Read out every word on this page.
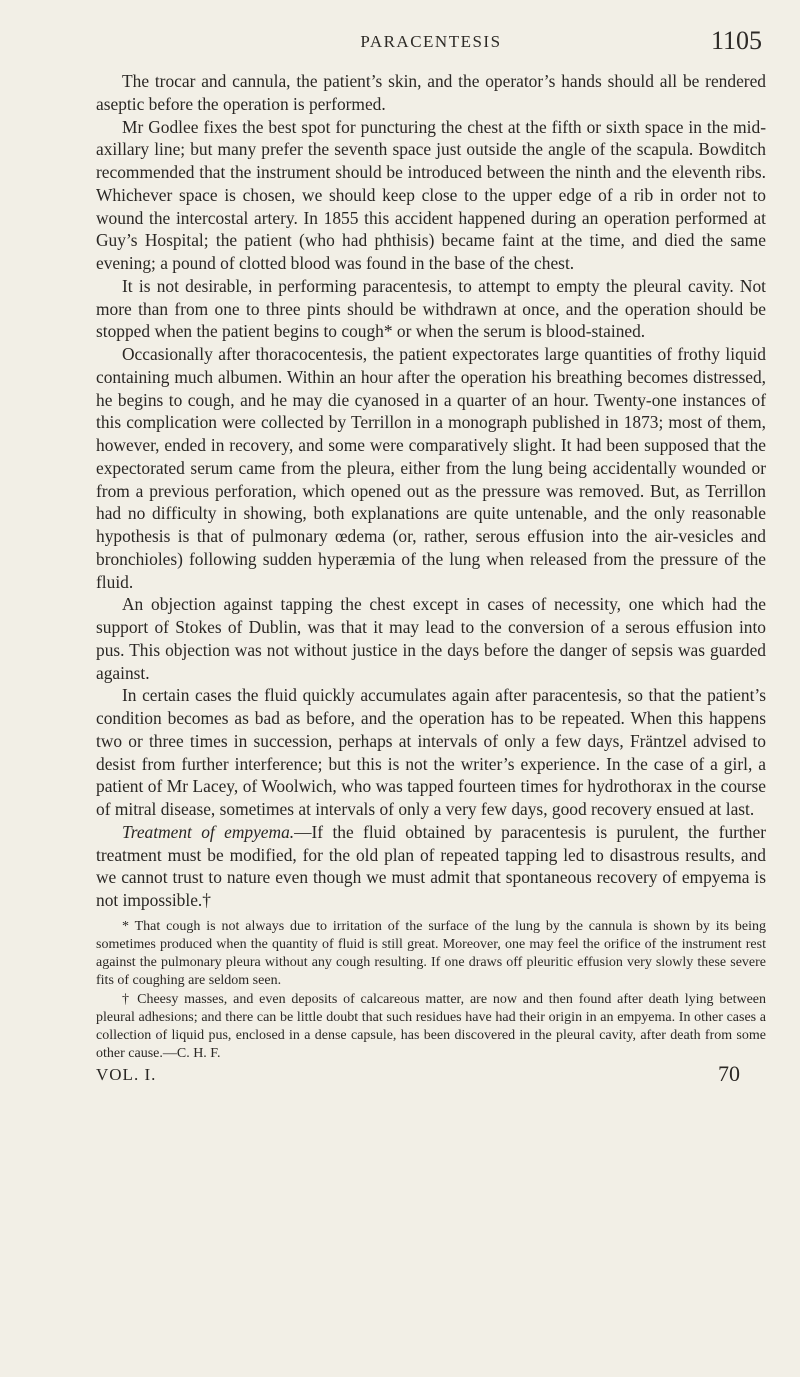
PARACENTESIS	1105

The trocar and cannula, the patient’s skin, and the operator’s hands should all be rendered aseptic before the operation is performed.

Mr Godlee fixes the best spot for puncturing the chest at the fifth or sixth space in the mid-axillary line; but many prefer the seventh space just outside the angle of the scapula. Bowditch recommended that the instrument should be introduced between the ninth and the eleventh ribs. Whichever space is chosen, we should keep close to the upper edge of a rib in order not to wound the intercostal artery. In 1855 this accident happened during an operation performed at Guy’s Hospital; the patient (who had phthisis) became faint at the time, and died the same evening; a pound of clotted blood was found in the base of the chest.

It is not desirable, in performing paracentesis, to attempt to empty the pleural cavity. Not more than from one to three pints should be withdrawn at once, and the operation should be stopped when the patient begins to cough* or when the serum is blood-stained.

Occasionally after thoracocentesis, the patient expectorates large quantities of frothy liquid containing much albumen. Within an hour after the operation his breathing becomes distressed, he begins to cough, and he may die cyanosed in a quarter of an hour. Twenty-one instances of this complication were collected by Terrillon in a monograph published in 1873; most of them, however, ended in recovery, and some were comparatively slight. It had been supposed that the expectorated serum came from the pleura, either from the lung being accidentally wounded or from a previous perforation, which opened out as the pressure was removed. But, as Terrillon had no difficulty in showing, both explanations are quite untenable, and the only reasonable hypothesis is that of pulmonary œdema (or, rather, serous effusion into the air-vesicles and bronchioles) following sudden hyperæmia of the lung when released from the pressure of the fluid.

An objection against tapping the chest except in cases of necessity, one which had the support of Stokes of Dublin, was that it may lead to the conversion of a serous effusion into pus. This objection was not without justice in the days before the danger of sepsis was guarded against.

In certain cases the fluid quickly accumulates again after paracentesis, so that the patient’s condition becomes as bad as before, and the operation has to be repeated. When this happens two or three times in succession, perhaps at intervals of only a few days, Fräntzel advised to desist from further interference; but this is not the writer’s experience. In the case of a girl, a patient of Mr Lacey, of Woolwich, who was tapped fourteen times for hydrothorax in the course of mitral disease, sometimes at intervals of only a very few days, good recovery ensued at last.

Treatment of empyema.—If the fluid obtained by paracentesis is purulent, the further treatment must be modified, for the old plan of repeated tapping led to disastrous results, and we cannot trust to nature even though we must admit that spontaneous recovery of empyema is not impossible.†

* That cough is not always due to irritation of the surface of the lung by the cannula is shown by its being sometimes produced when the quantity of fluid is still great. Moreover, one may feel the orifice of the instrument rest against the pulmonary pleura without any cough resulting. If one draws off pleuritic effusion very slowly these severe fits of coughing are seldom seen.

† Cheesy masses, and even deposits of calcareous matter, are now and then found after death lying between pleural adhesions; and there can be little doubt that such residues have had their origin in an empyema. In other cases a collection of liquid pus, enclosed in a dense capsule, has been discovered in the pleural cavity, after death from some other cause.—C. H. F.

VOL. I.	70
